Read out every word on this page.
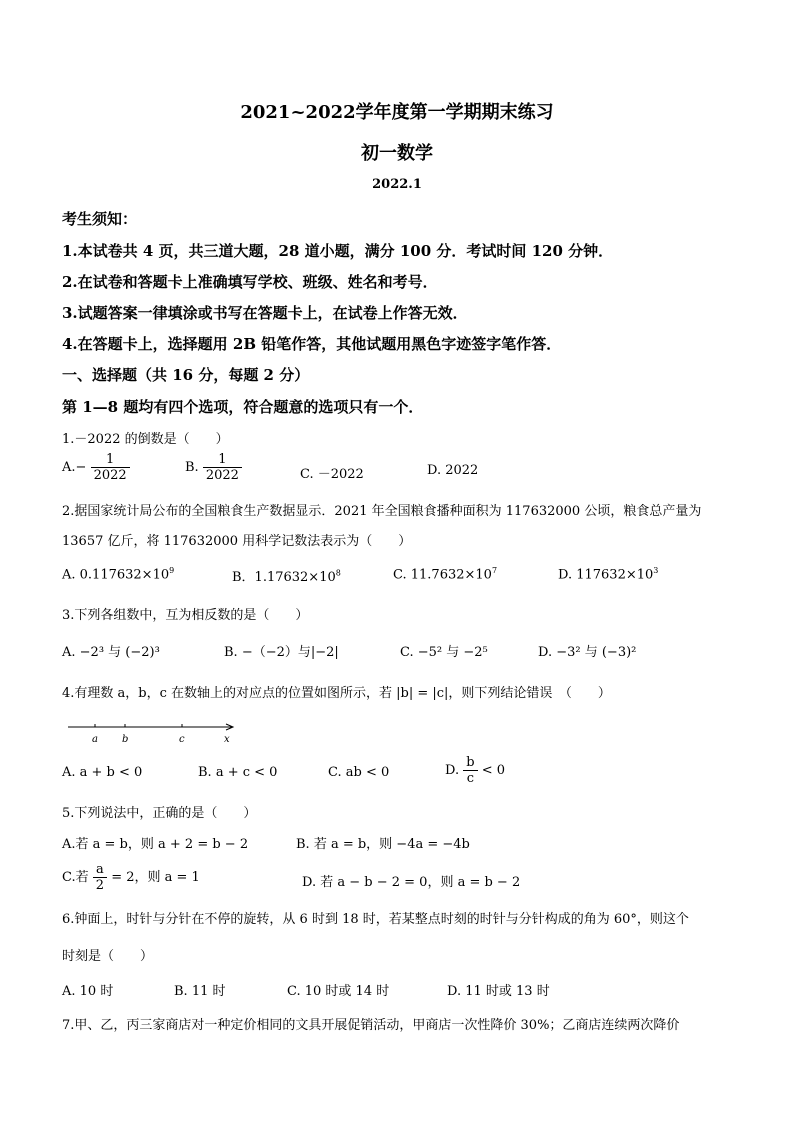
2021~2022学年度第一学期期末练习
初一数学
2022.1
考生须知：
1.本试卷共 4 页，共三道大题，28 道小题，满分 100 分．考试时间 120 分钟．
2.在试卷和答题卡上准确填写学校、班级、姓名和考号．
3.试题答案一律填涂或书写在答题卡上，在试卷上作答无效．
4.在答题卡上，选择题用 2B 铅笔作答，其他试题用黑色字迹签字笔作答．
一、选择题（共 16 分，每题 2 分）
第 1—8 题均有四个选项，符合题意的选项只有一个．
1.－2022 的倒数是（　　）
$A.- \frac{1}{2022}$	B. $\frac{1}{2022}$	C. －2022	D. 2022
2.据国家统计局公布的全国粮食生产数据显示．2021 年全国粮食播种面积为 117632000 公顷，粮食总产量为
13657 亿斤，将 117632000 用科学记数法表示为（　　）
A. $0.117632\times 10^9$	B．$1.17632\times 10^8$	C. $11.7632\times 10^7$	D. $117632\times 10^3$
3.下列各组数中，互为相反数的是（　　）
A. −2³ 与 (−2)³	B. −（−2）与|−2|	C. −5² 与 −2⁵	D. −3² 与 (−3)²
4.有理数 a，b，c 在数轴上的对应点的位置如图所示，若 |b| = |c|，则下列结论错误　（　　）
a b	c	x
A. a + b < 0	B. a + c < 0	C. ab < 0	D. $\frac{b}{c} < 0$
5.下列说法中，正确的是（　　）
A.若 a = b，则 a + 2 = b − 2	B. 若 a = b，则 −4a = −4b
C.若 $\frac{a}{2} = 2$，则 a = 1	D. 若 a − b − 2 = 0，则 a = b − 2
6.钟面上，时针与分针在不停的旋转，从 6 时到 18 时，若某整点时刻的时针与分针构成的角为 60°，则这个
时刻是（　　）
A. 10 时	B. 11 时	C. 10 时或 14 时	D. 11 时或 13 时
7.甲、乙，丙三家商店对一种定价相同的文具开展促销活动，甲商店一次性降价 30%；乙商店连续两次降价
